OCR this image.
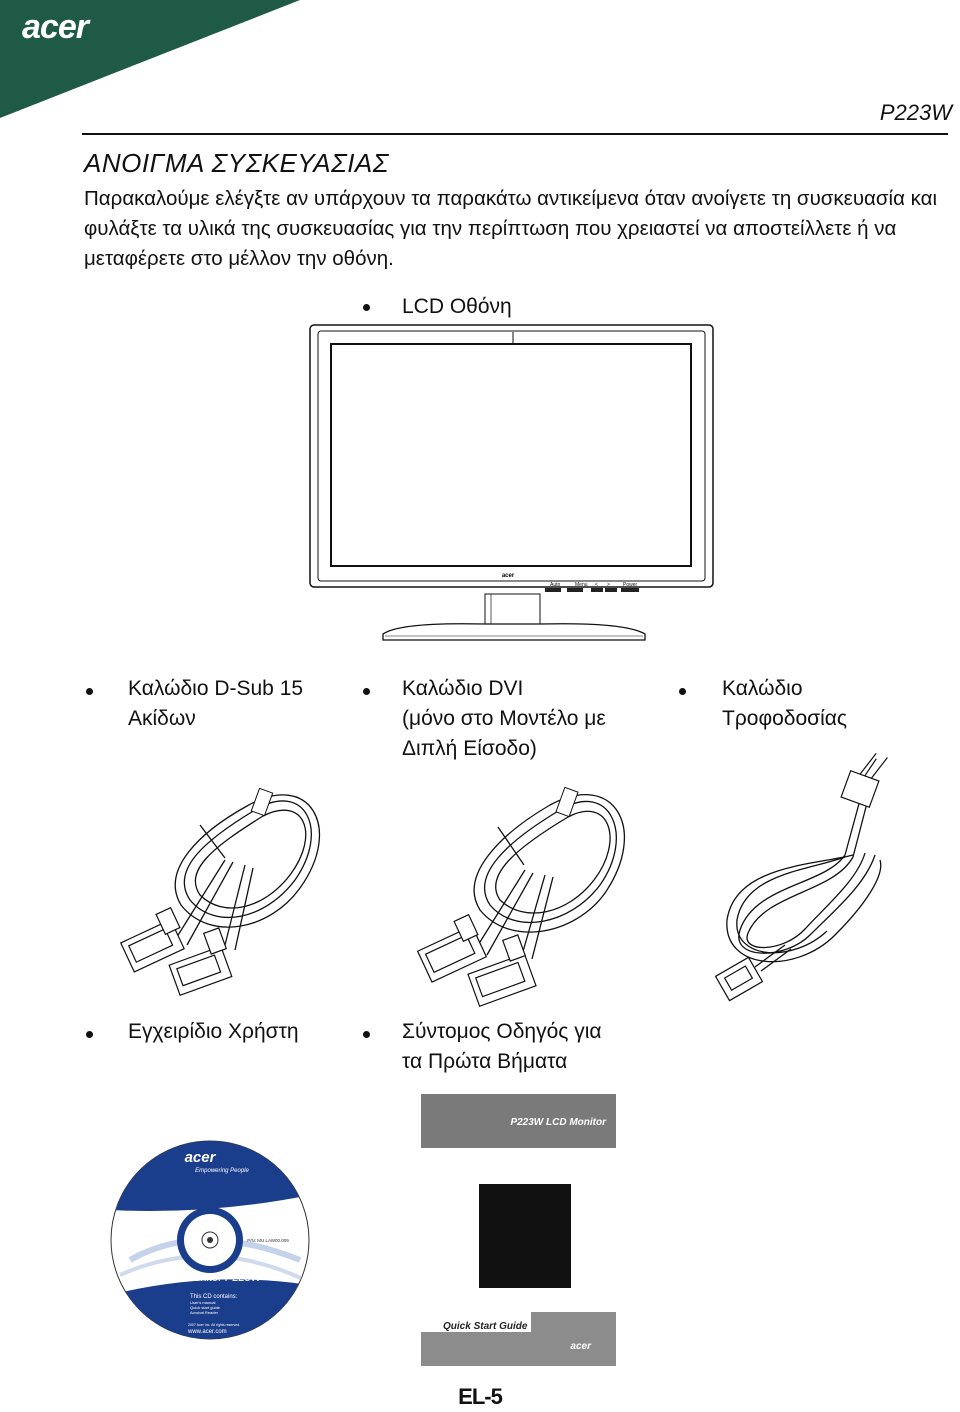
acer
P223W
ΑΝΟΙΓΜΑ ΣΥΣΚΕΥΑΣΙΑΣ
Παρακαλούμε ελέγξτε αν υπάρχουν τα παρακάτω αντικείμενα όταν ανοίγετε τη συσκευασία και φυλάξτε τα υλικά της συσκευασίας για την περίπτωση που χρειαστεί να αποστείλλετε ή να μεταφέρετε στο μέλλον την οθόνη.
LCD Οθόνη
acer
Auto	Menu < >	Power
Καλώδιο D-Sub 15
Ακίδων
Καλώδιο DVI
(μόνο στο Μοντέλο με
Διπλή Είσοδο)
Καλώδιο
Τροφοδοσίας
Εγχειρίδιο Χρήστη	Σύντομος Οδηγός για
τα Πρώτα Βήματα
acer
Empowering People
P/N: MU.LAW00.009
Acer Monitor P223W
This CD contains:
User's manual
Quick start guide
Acrobat Reader
2007 Acer Inc. All rights reserved.
www.acer.com
P223W LCD Monitor
Quick Start Guide
acer
EL-5
